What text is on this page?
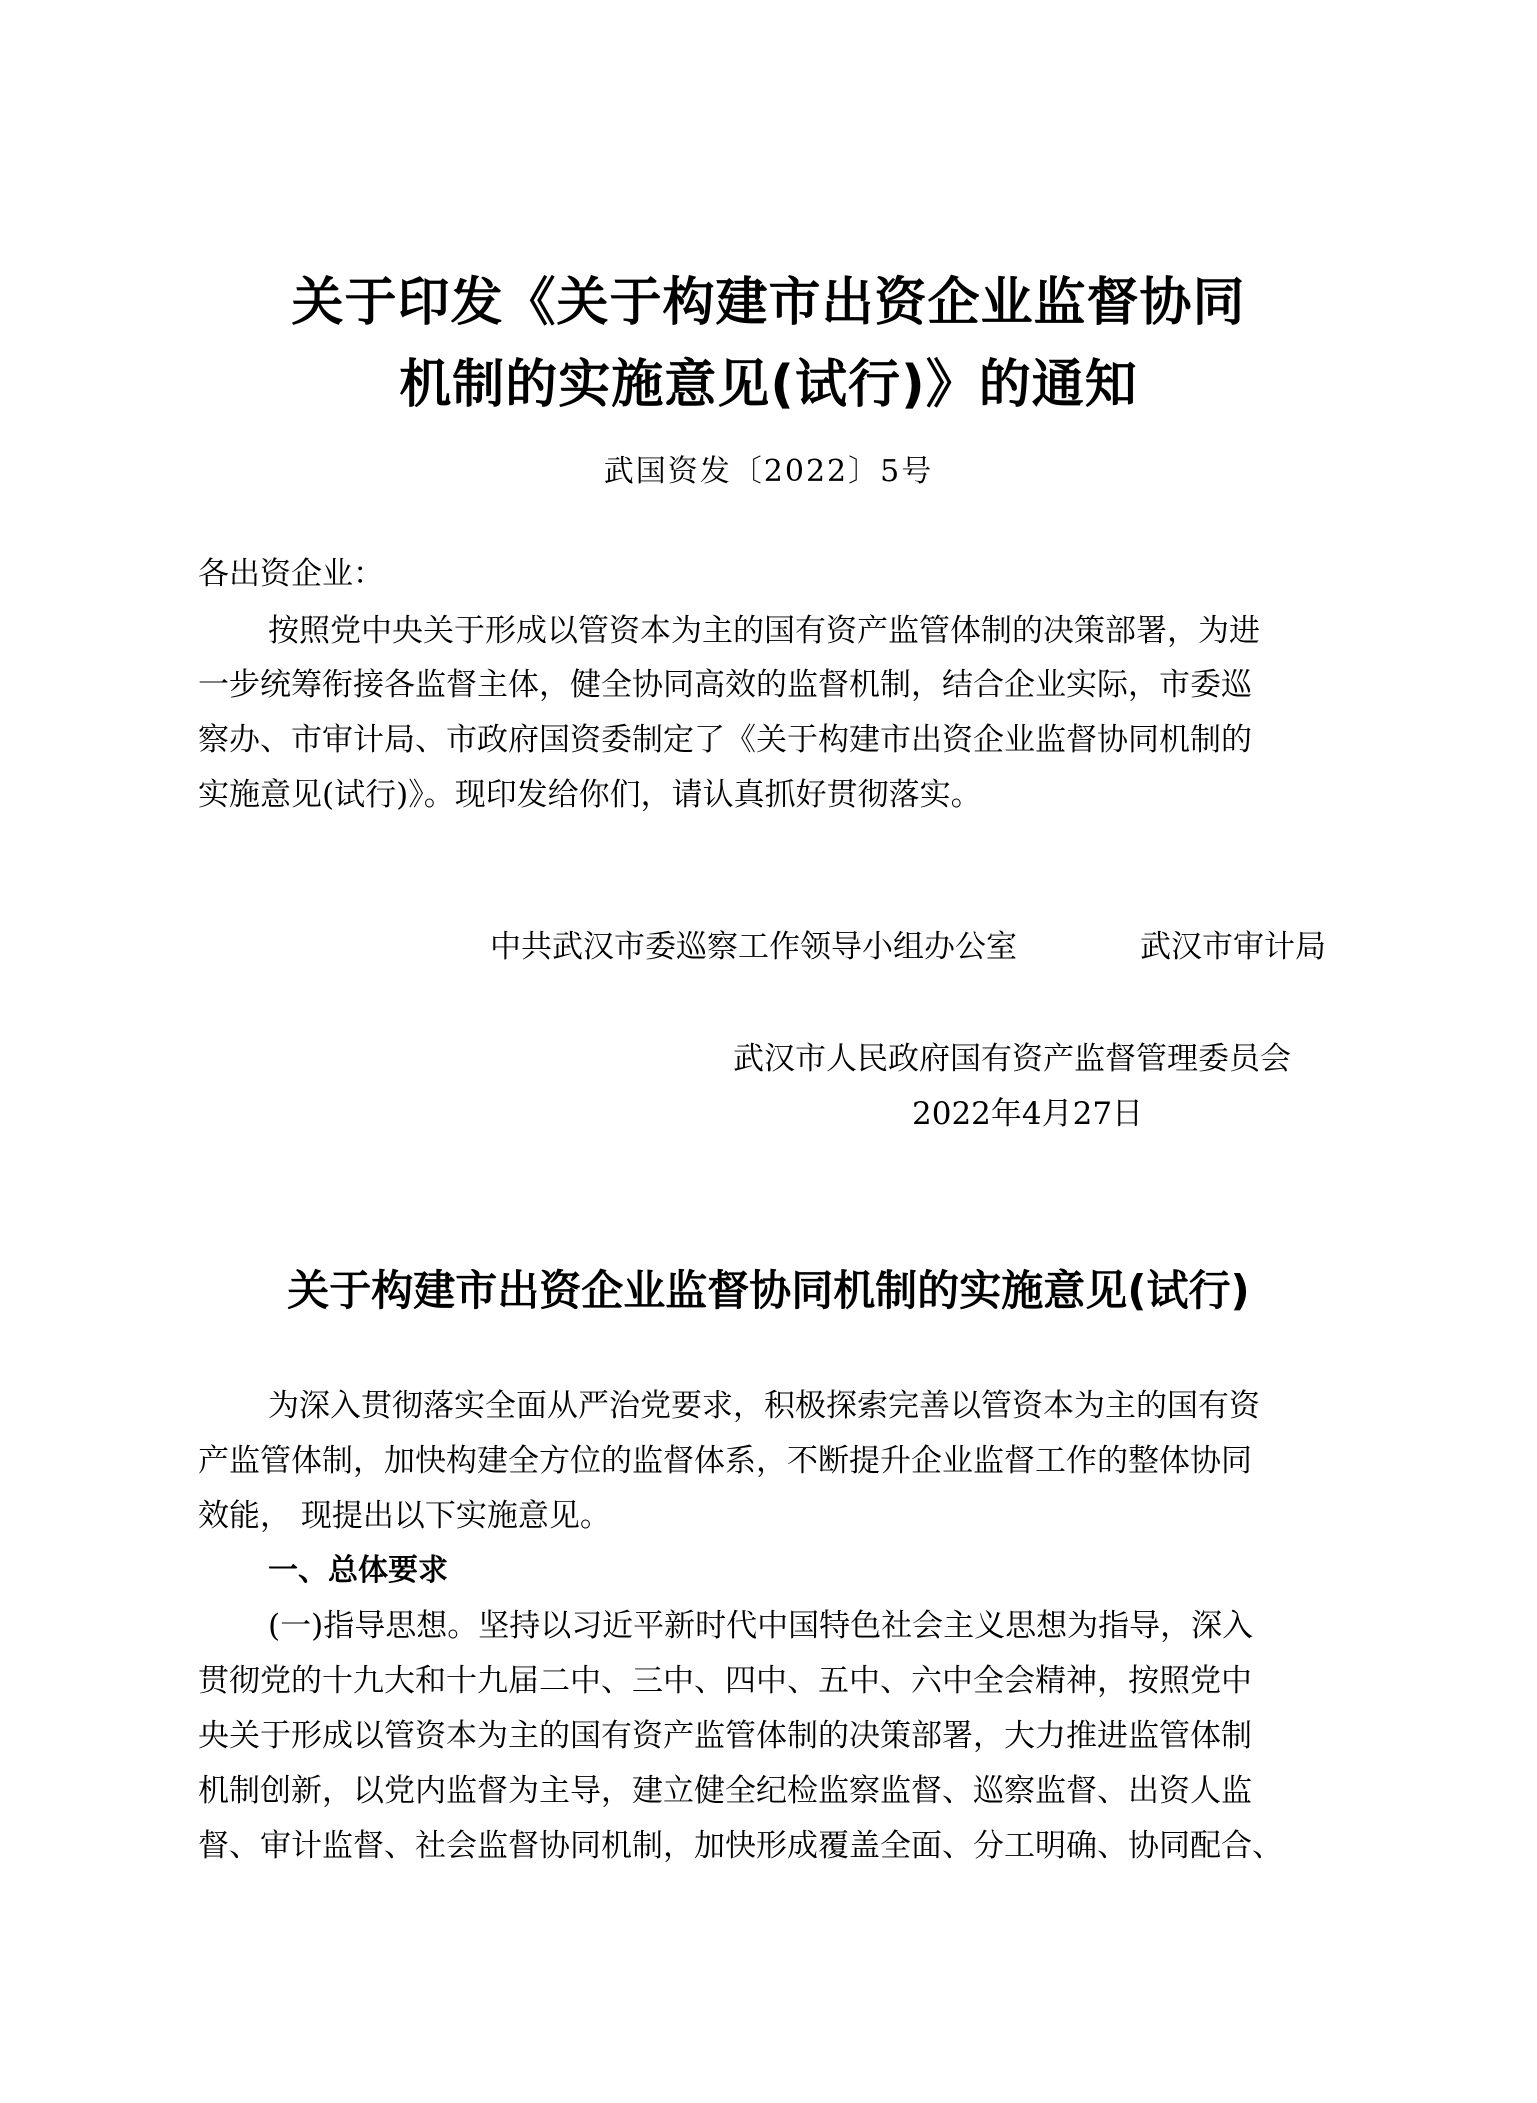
关于印发《关于构建市出资企业监督协同
机制的实施意见(试行)》的通知
武国资发〔2022〕5号
各出资企业：
按照党中央关于形成以管资本为主的国有资产监管体制的决策部署，为进
一步统筹衔接各监督主体，健全协同高效的监督机制，结合企业实际，市委巡
察办、市审计局、市政府国资委制定了《关于构建市出资企业监督协同机制的
实施意见(试行)》。现印发给你们，请认真抓好贯彻落实。
中共武汉市委巡察工作领导小组办公室	武汉市审计局
武汉市人民政府国有资产监督管理委员会
2022年4月27日
关于构建市出资企业监督协同机制的实施意见(试行)
为深入贯彻落实全面从严治党要求，积极探索完善以管资本为主的国有资
产监管体制，加快构建全方位的监督体系，不断提升企业监督工作的整体协同
效能， 现提出以下实施意见。
一、总体要求
(一)指导思想。坚持以习近平新时代中国特色社会主义思想为指导，深入
贯彻党的十九大和十九届二中、三中、四中、五中、六中全会精神，按照党中
央关于形成以管资本为主的国有资产监管体制的决策部署，大力推进监管体制
机制创新，以党内监督为主导，建立健全纪检监察监督、巡察监督、出资人监
督、审计监督、社会监督协同机制，加快形成覆盖全面、分工明确、协同配合、
